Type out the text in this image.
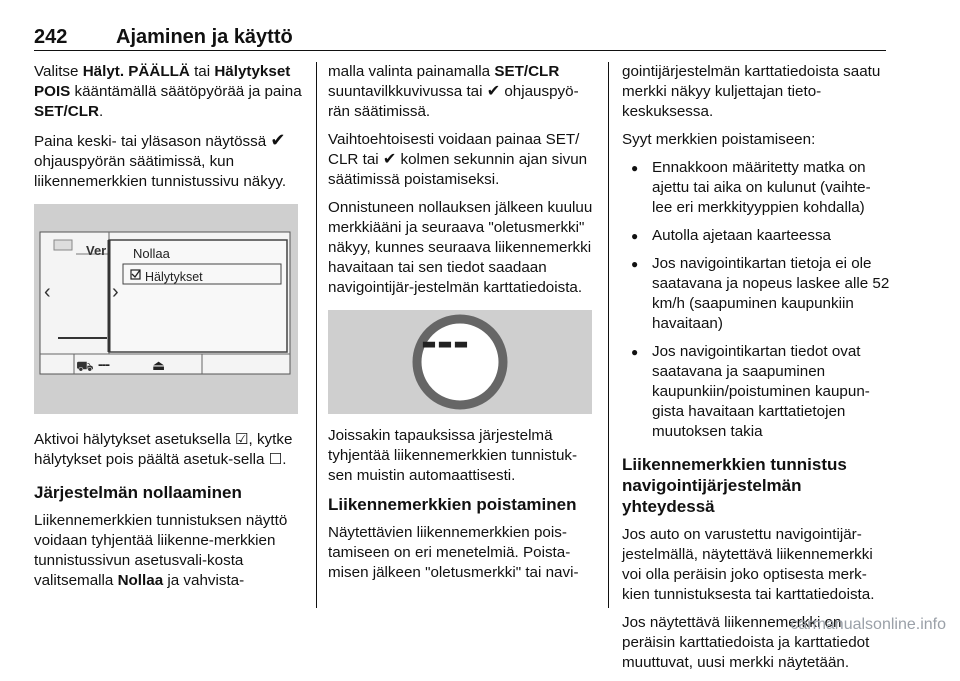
242 Ajaminen ja käyttö

Valitse Hälyt. PÄÄLLÄ tai Hälytykset POIS kääntämällä säätöpyörää ja paina SET/CLR.

Paina keski- tai yläsason näytössä ✔ ohjauspyörän säätimissä, kun liikennemerkkien tunnistussivu näkyy.

Ver Nollaa
Hälytykset
‹	›
⛟ ---	⏏

Aktivoi hälytykset asetuksella ☑, kytke hälytykset pois päältä asetuk-sella ☐.

Järjestelmän nollaaminen

Liikennemerkkien tunnistuksen näyttö voidaan tyhjentää liikenne-merkkien tunnistussivun asetusvali-kosta valitsemalla Nollaa ja vahvista-

malla valinta painamalla SET/CLR suuntavilkkuvivussa tai ✔ ohjauspyö-rän säätimissä.

Vaihtoehtoisesti voidaan painaa SET/ CLR tai ✔ kolmen sekunnin ajan sivun säätimissä poistamiseksi.

Onnistuneen nollauksen jälkeen kuuluu merkkiääni ja seuraava "oletusmerkki" näkyy, kunnes seuraava liikennemerkki havaitaan tai sen tiedot saadaan navigointijär-jestelmän karttatiedoista.

---

Joissakin tapauksissa järjestelmä tyhjentää liikennemerkkien tunnistuk-sen muistin automaattisesti.

Liikennemerkkien poistaminen

Näytettävien liikennemerkkien pois-tamiseen on eri menetelmiä. Poista-misen jälkeen "oletusmerkki" tai navi-

gointijärjestelmän karttatiedoista saatu merkki näkyy kuljettajan tieto-keskuksessa.

Syyt merkkien poistamiseen:

● Ennakkoon määritetty matka on ajettu tai aika on kulunut (vaihte-lee eri merkkityyppien kohdalla)
● Autolla ajetaan kaarteessa
● Jos navigointikartan tietoja ei ole saatavana ja nopeus laskee alle 52 km/h (saapuminen kaupunkiin havaitaan)
● Jos navigointikartan tiedot ovat saatavana ja saapuminen kaupunkiin/poistuminen kaupun-gista havaitaan karttatietojen muutoksen takia
Liikennemerkkien tunnistus navigointijärjestelmän yhteydessä

Jos auto on varustettu navigointijär-jestelmällä, näytettävä liikennemerkki voi olla peräisin joko optisesta merk-kien tunnistuksesta tai karttatiedoista.

Jos näytettävä liikennemerkki on peräisin karttatiedoista ja karttatiedot muuttuvat, uusi merkki näytetään.

carmanualsonline.info
